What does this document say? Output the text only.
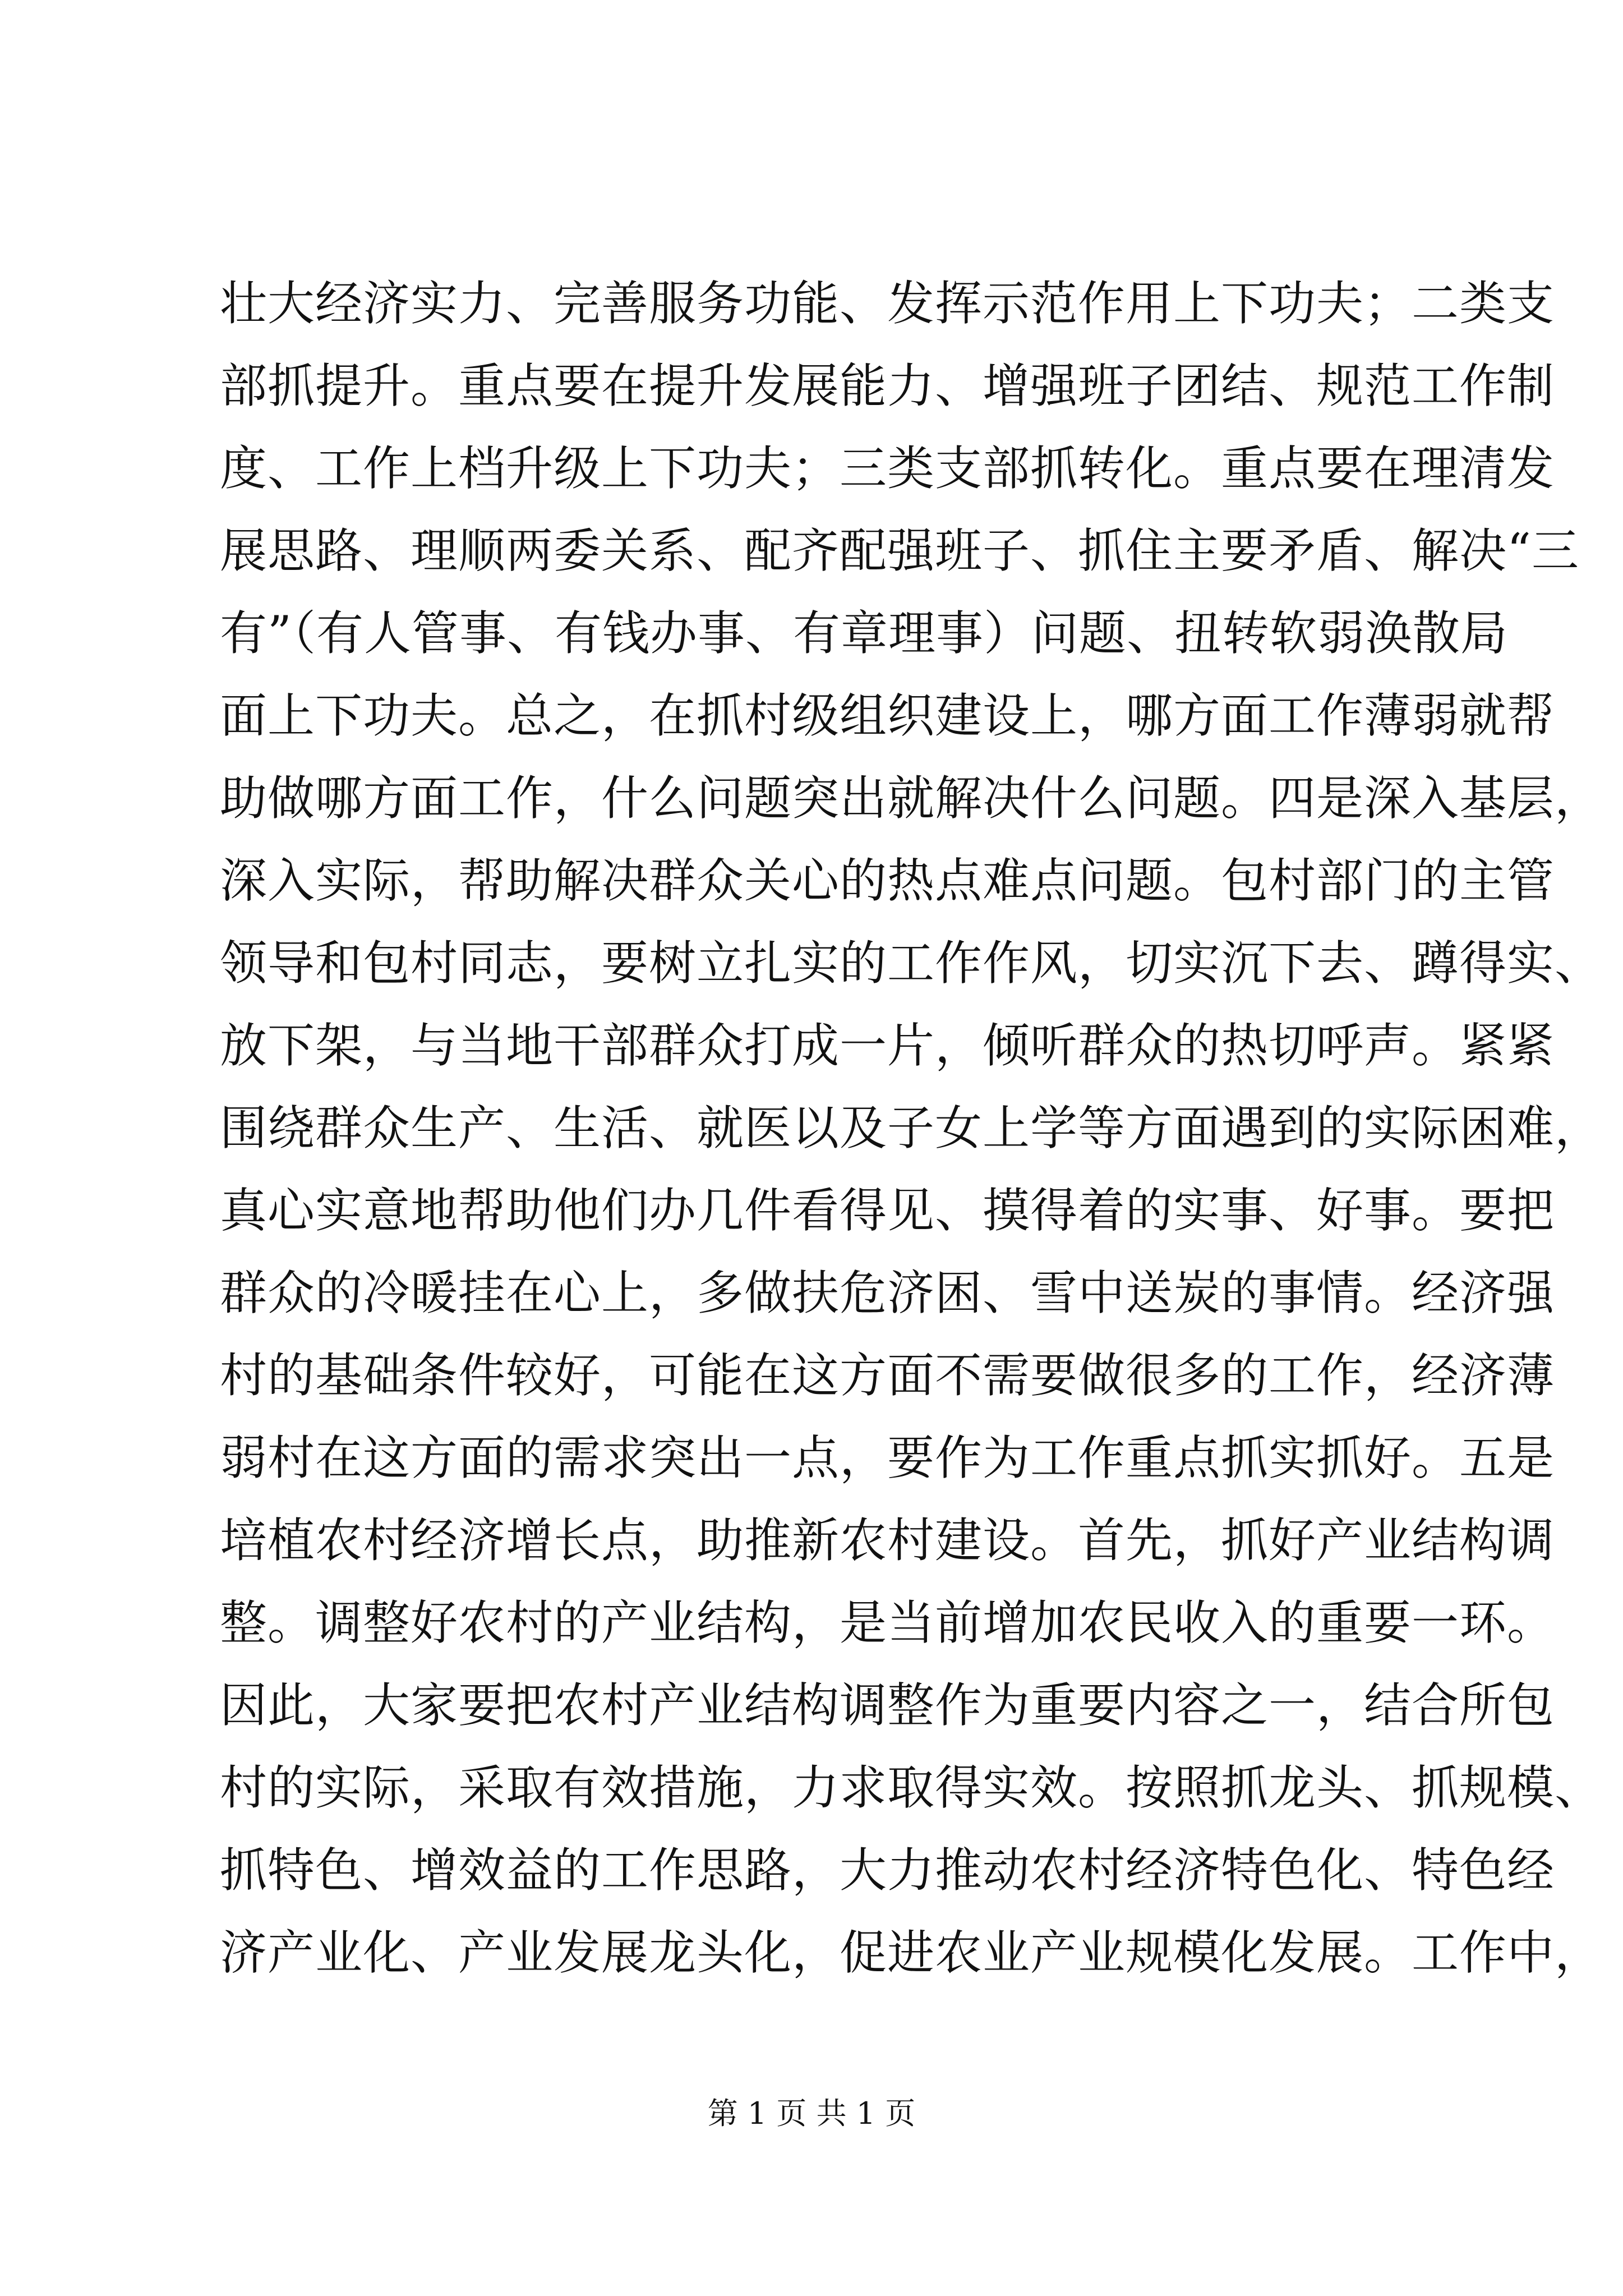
壮大经济实力、完善服务功能、发挥示范作用上下功夫；二类支
部抓提升。重点要在提升发展能力、增强班子团结、规范工作制
度、工作上档升级上下功夫；三类支部抓转化。重点要在理清发
展思路、理顺两委关系、配齐配强班子、抓住主要矛盾、解决“三
有”（有人管事、有钱办事、有章理事）问题、扭转软弱涣散局
面上下功夫。总之，在抓村级组织建设上，哪方面工作薄弱就帮
助做哪方面工作，什么问题突出就解决什么问题。四是深入基层，
深入实际，帮助解决群众关心的热点难点问题。包村部门的主管
领导和包村同志，要树立扎实的工作作风，切实沉下去、蹲得实、
放下架，与当地干部群众打成一片，倾听群众的热切呼声。紧紧
围绕群众生产、生活、就医以及子女上学等方面遇到的实际困难，
真心实意地帮助他们办几件看得见、摸得着的实事、好事。要把
群众的冷暖挂在心上，多做扶危济困、雪中送炭的事情。经济强
村的基础条件较好，可能在这方面不需要做很多的工作，经济薄
弱村在这方面的需求突出一点，要作为工作重点抓实抓好。五是
培植农村经济增长点，助推新农村建设。首先，抓好产业结构调
整。调整好农村的产业结构，是当前增加农民收入的重要一环。
因此，大家要把农村产业结构调整作为重要内容之一，结合所包
村的实际，采取有效措施，力求取得实效。按照抓龙头、抓规模、
抓特色、增效益的工作思路，大力推动农村经济特色化、特色经
济产业化、产业发展龙头化，促进农业产业规模化发展。工作中，
第 1 页 共 1 页
